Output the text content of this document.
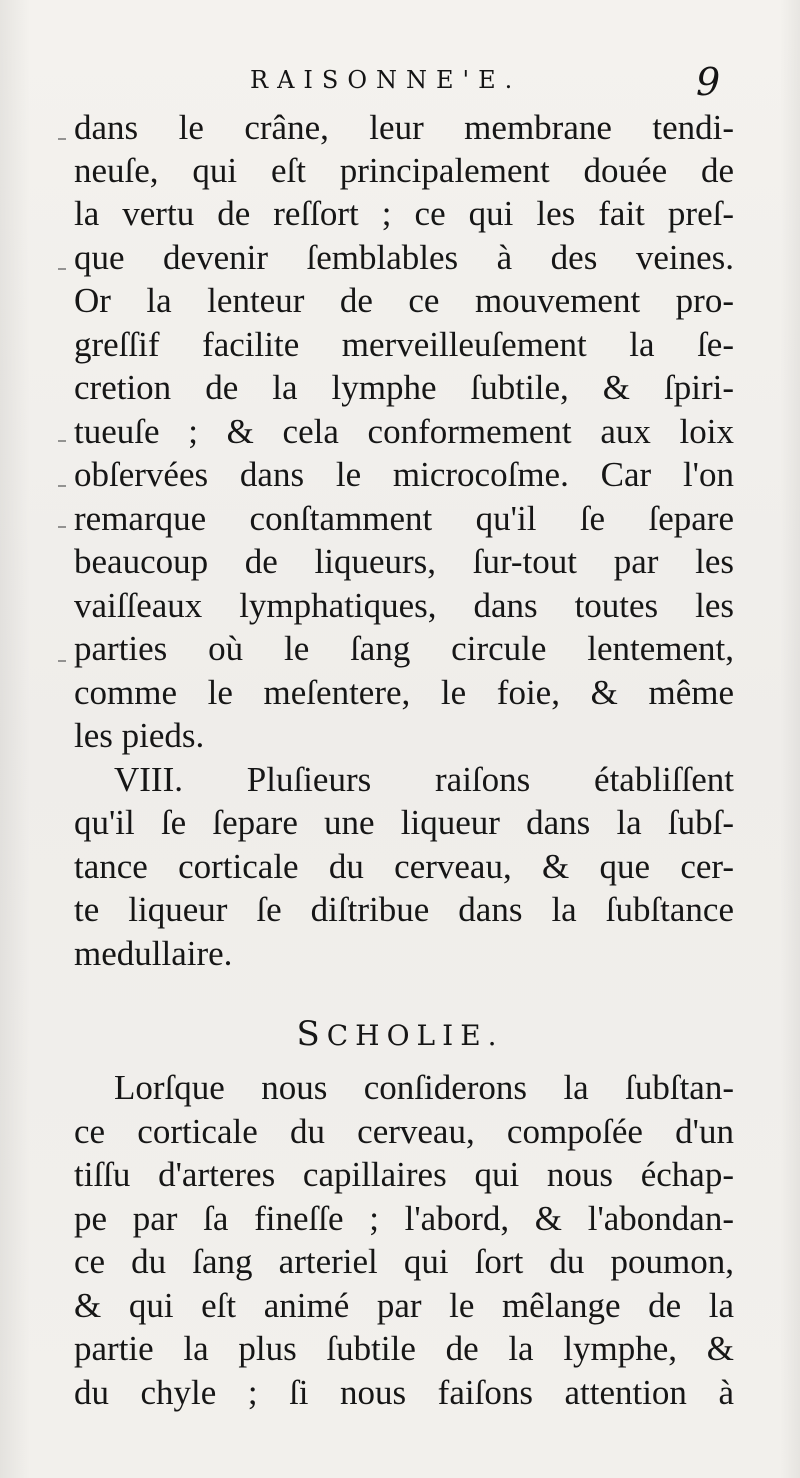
RAISONNE'E.	9
dans le crâne, leur membrane tendi-
neuſe, qui eſt principalement douée de
la vertu de reſſort ; ce qui les fait preſ-
que devenir ſemblables à des veines.
Or la lenteur de ce mouvement pro-
greſſif facilite merveilleuſement la ſe-
cretion de la lymphe ſubtile, & ſpiri-
tueuſe ; & cela conformement aux loix
obſervées dans le microcoſme. Car l'on
remarque conſtamment qu'il ſe ſepare
beaucoup de liqueurs, ſur-tout par les
vaiſſeaux lymphatiques, dans toutes les
parties où le ſang circule lentement,
comme le meſentere, le foie, & même
les pieds.
VIII. Pluſieurs raiſons établiſſent
qu'il ſe ſepare une liqueur dans la ſubſ-
tance corticale du cerveau, & que cer-
te liqueur ſe diſtribue dans la ſubſtance
medullaire.
SCHOLIE.
Lorſque nous conſiderons la ſubſtan-
ce corticale du cerveau, compoſée d'un
tiſſu d'arteres capillaires qui nous échap-
pe par ſa fineſſe ; l'abord, & l'abondan-
ce du ſang arteriel qui ſort du poumon,
& qui eſt animé par le mêlange de la
partie la plus ſubtile de la lymphe, &
du chyle ; ſi nous faiſons attention à
